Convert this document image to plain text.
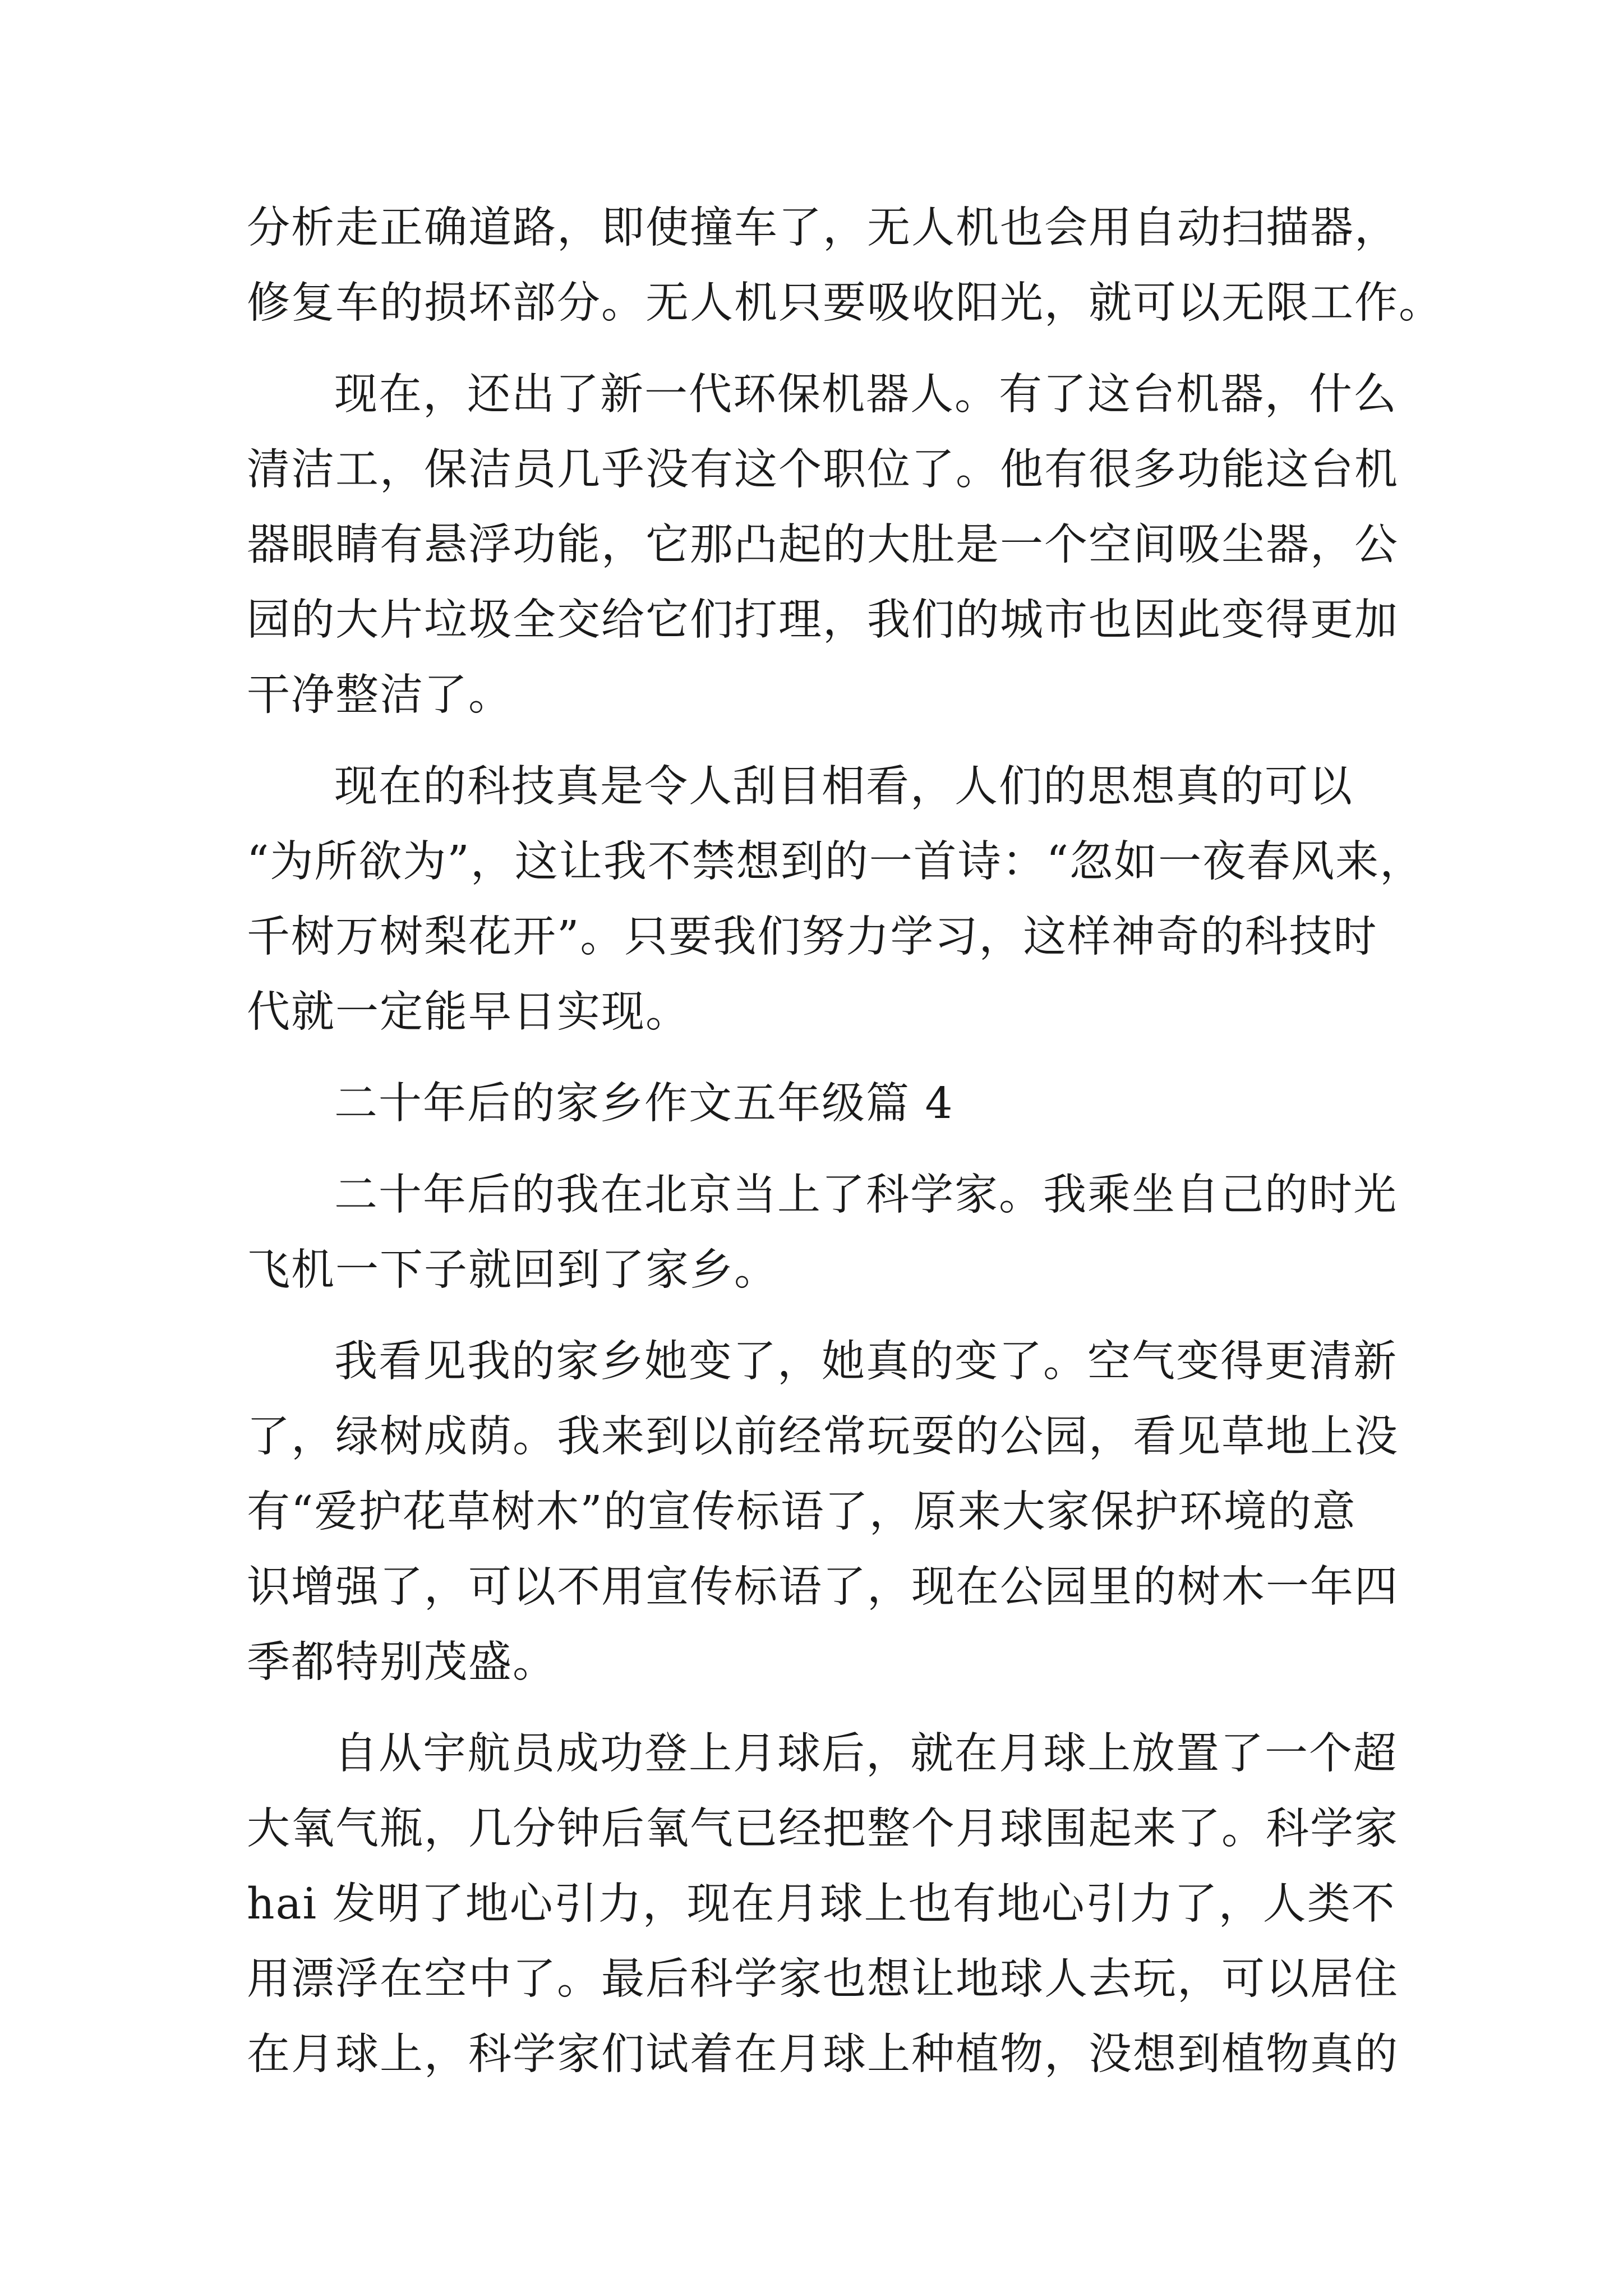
分析走正确道路，即使撞车了，无人机也会用自动扫描器，
修复车的损坏部分。无人机只要吸收阳光，就可以无限工作。
现在，还出了新一代环保机器人。有了这台机器，什么
清洁工，保洁员几乎没有这个职位了。他有很多功能这台机
器眼睛有悬浮功能，它那凸起的大肚是一个空间吸尘器，公
园的大片垃圾全交给它们打理，我们的城市也因此变得更加
干净整洁了。
现在的科技真是令人刮目相看，人们的思想真的可以
“为所欲为”，这让我不禁想到的一首诗：“忽如一夜春风来，
千树万树梨花开”。只要我们努力学习，这样神奇的科技时
代就一定能早日实现。
二十年后的家乡作文五年级篇 4
二十年后的我在北京当上了科学家。我乘坐自己的时光
飞机一下子就回到了家乡。
我看见我的家乡她变了，她真的变了。空气变得更清新
了，绿树成荫。我来到以前经常玩耍的公园，看见草地上没
有“爱护花草树木”的宣传标语了，原来大家保护环境的意
识增强了，可以不用宣传标语了，现在公园里的树木一年四
季都特别茂盛。
自从宇航员成功登上月球后，就在月球上放置了一个超
大氧气瓶，几分钟后氧气已经把整个月球围起来了。科学家
hai 发明了地心引力，现在月球上也有地心引力了，人类不
用漂浮在空中了。最后科学家也想让地球人去玩，可以居住
在月球上，科学家们试着在月球上种植物，没想到植物真的
